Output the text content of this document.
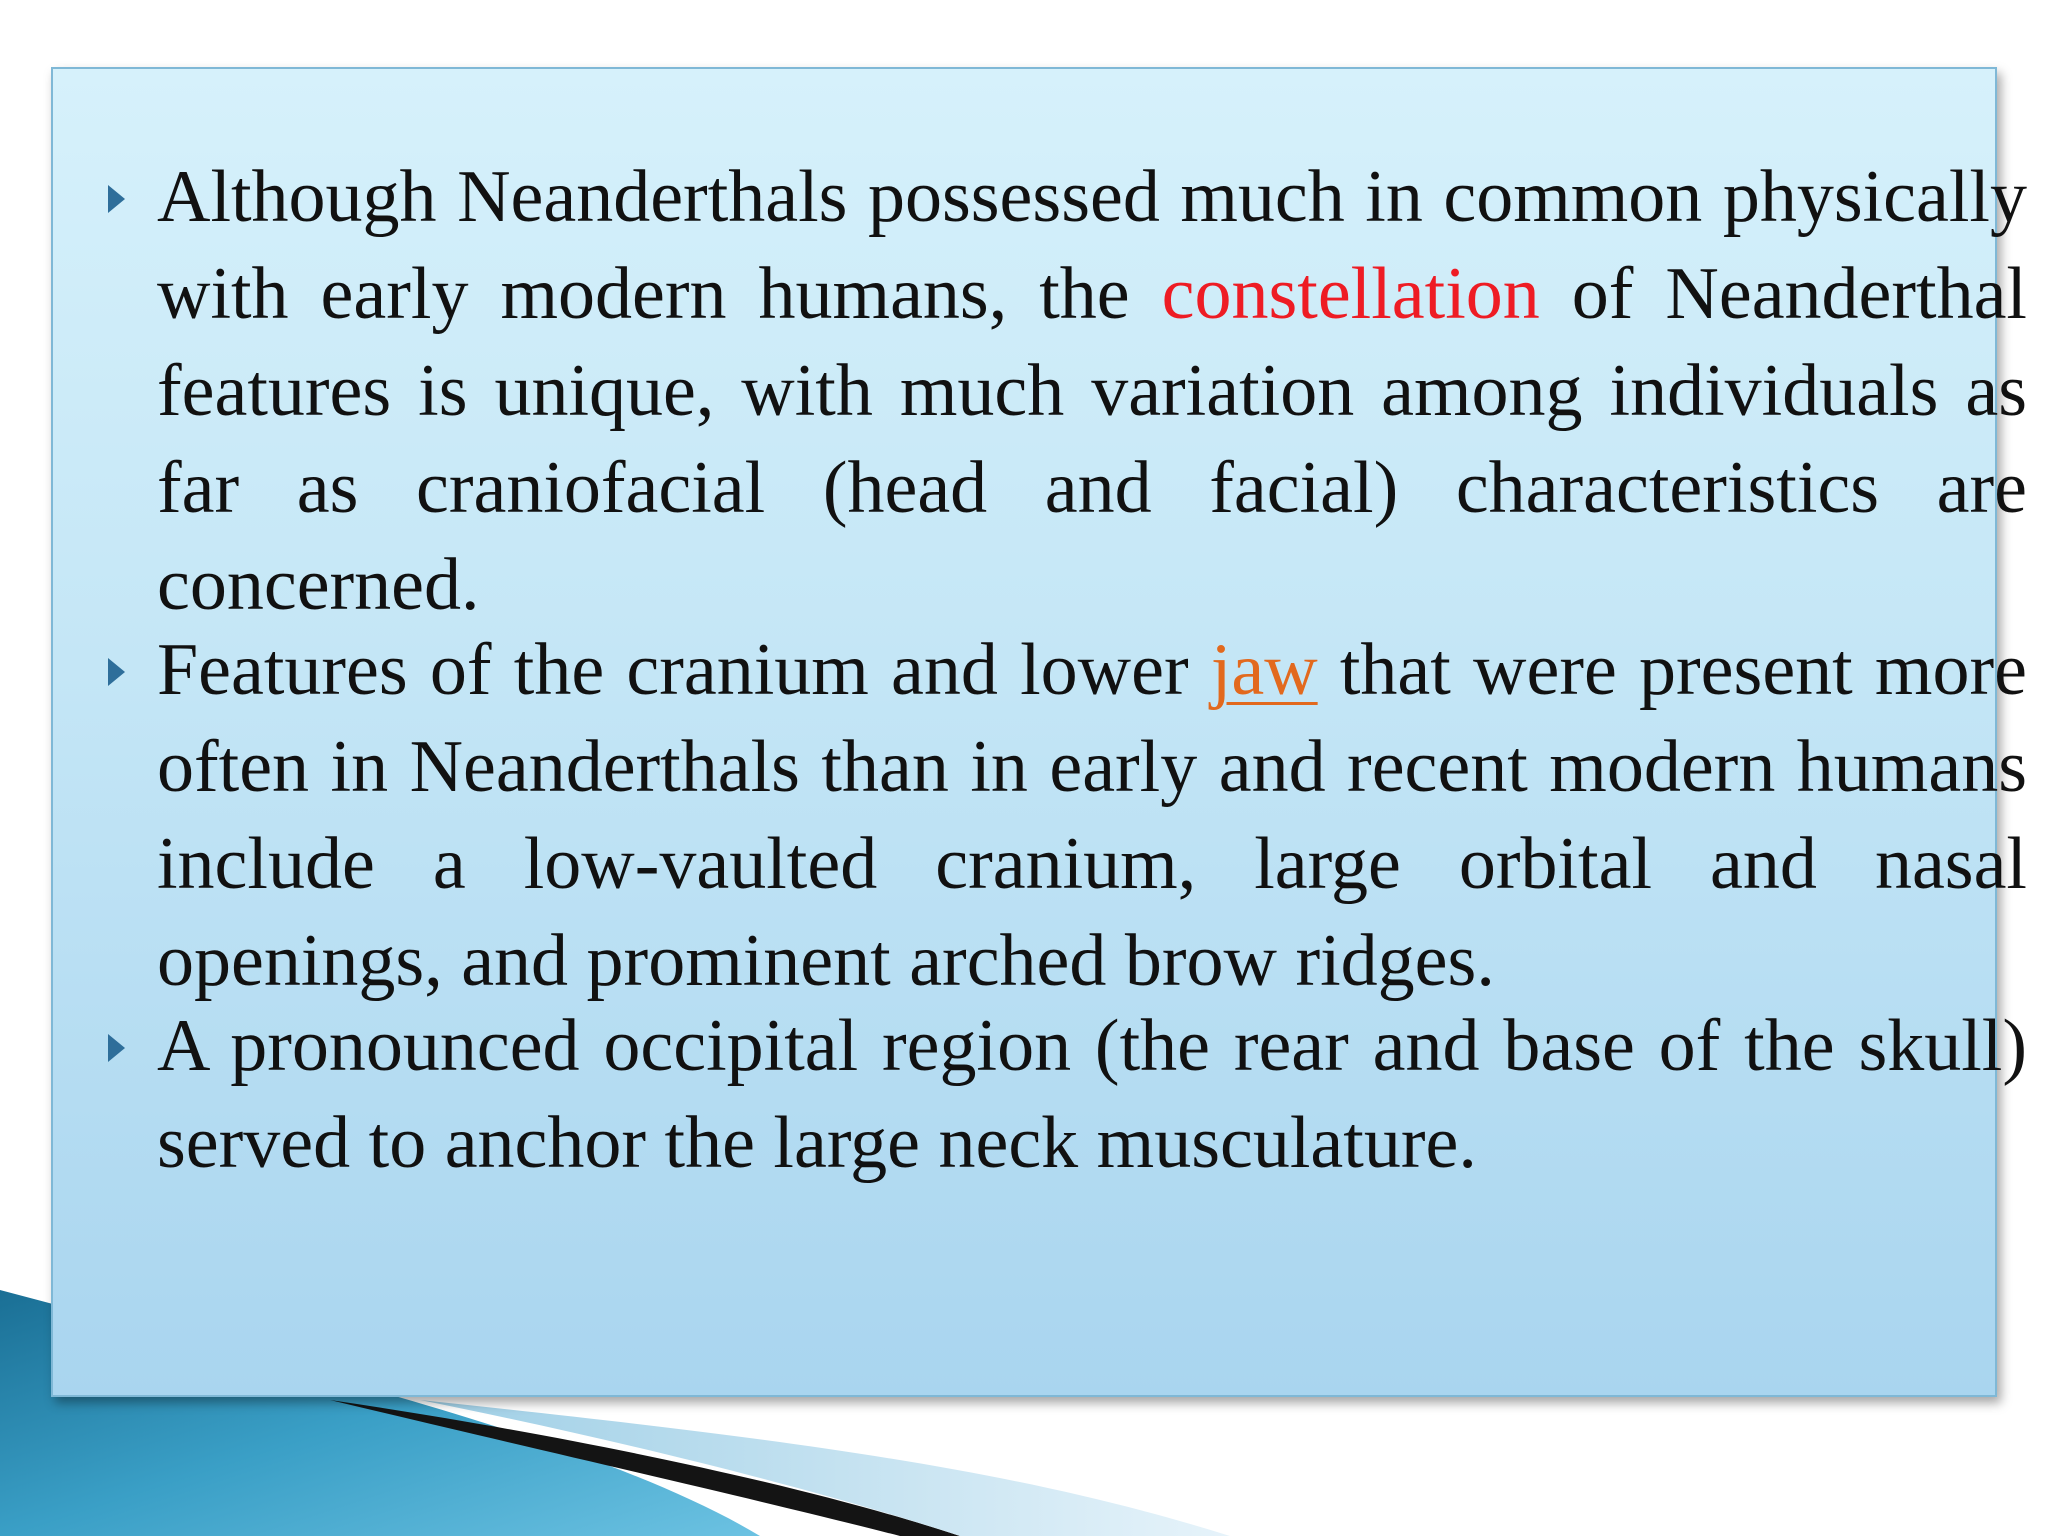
Although Neanderthals possessed much in common physically with early modern humans, the constellation of Neanderthal features is unique, with much variation among individuals as far as craniofacial (head and facial) characteristics are concerned.
Features of the cranium and lower jaw that were present more often in Neanderthals than in early and recent modern humans include a low-vaulted cranium, large orbital and nasal openings, and prominent arched brow ridges.
A pronounced occipital region (the rear and base of the skull) served to anchor the large neck musculature.
